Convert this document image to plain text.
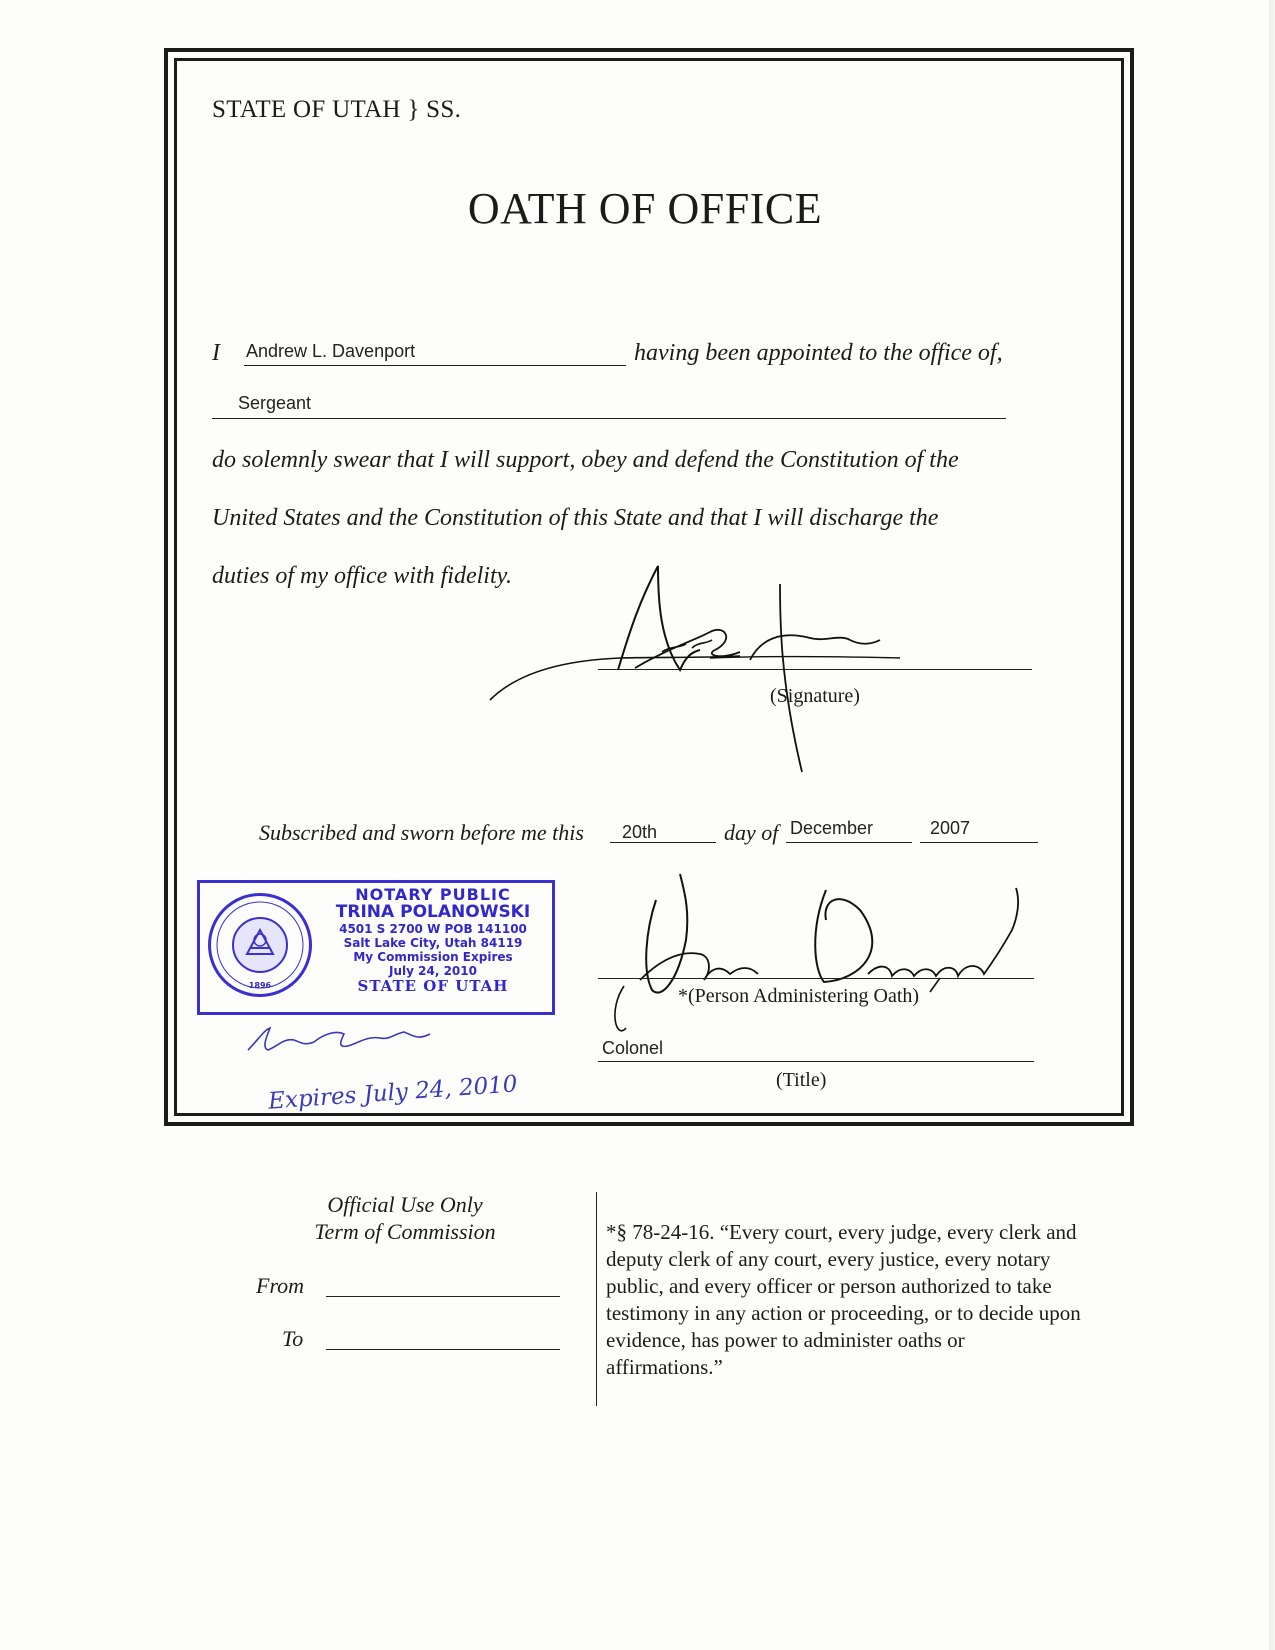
STATE OF UTAH } SS.
OATH OF OFFICE
I Andrew L. Davenport	having been appointed to the office of,
Sergeant
do solemnly swear that I will support, obey and defend the Constitution of the
United States and the Constitution of this State and that I will discharge the
duties of my office with fidelity.
(Signature)
Subscribed and sworn before me this 20th	day of December	2007
1896
NOTARY PUBLIC
TRINA POLANOWSKI
4501 S 2700 W POB 141100
Salt Lake City, Utah 84119
My Commission Expires
July 24, 2010
STATE OF UTAH
Expires July 24, 2010
*(Person Administering Oath)
Colonel
(Title)
Official Use Only
Term of Commission
From
To
*§ 78-24-16. “Every court, every judge, every clerk and deputy clerk of any court, every justice, every notary public, and every officer or person authorized to take testimony in any action or proceeding, or to decide upon evidence, has power to administer oaths or affirmations.”
